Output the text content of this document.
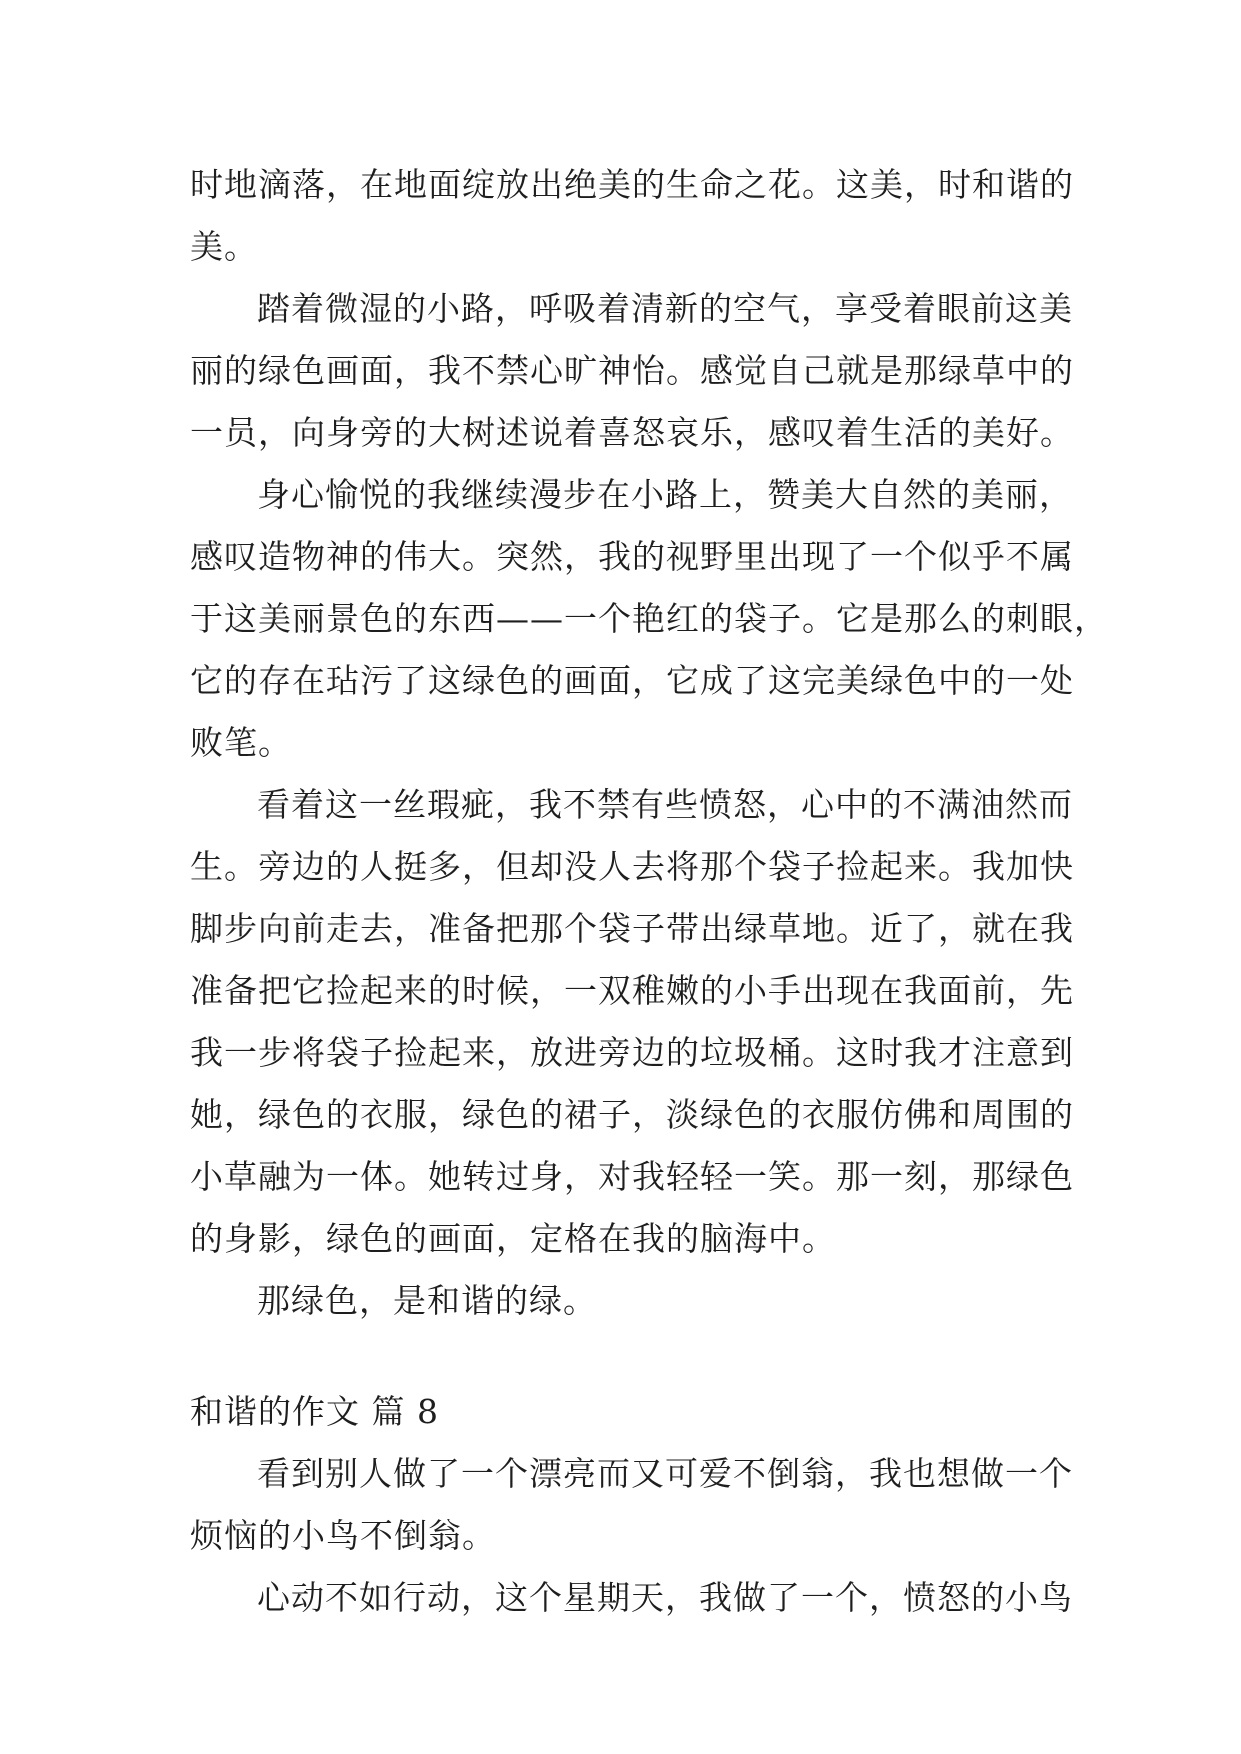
时地滴落，在地面绽放出绝美的生命之花。这美，时和谐的

美。

踏着微湿的小路，呼吸着清新的空气，享受着眼前这美

丽的绿色画面，我不禁心旷神怡。感觉自己就是那绿草中的

一员，向身旁的大树述说着喜怒哀乐，感叹着生活的美好。

身心愉悦的我继续漫步在小路上，赞美大自然的美丽，

感叹造物神的伟大。突然，我的视野里出现了一个似乎不属

于这美丽景色的东西——一个艳红的袋子。它是那么的刺眼，

它的存在玷污了这绿色的画面，它成了这完美绿色中的一处

败笔。

看着这一丝瑕疵，我不禁有些愤怒，心中的不满油然而

生。旁边的人挺多，但却没人去将那个袋子捡起来。我加快

脚步向前走去，准备把那个袋子带出绿草地。近了，就在我

准备把它捡起来的时候，一双稚嫩的小手出现在我面前，先

我一步将袋子捡起来，放进旁边的垃圾桶。这时我才注意到

她，绿色的衣服，绿色的裙子，淡绿色的衣服仿佛和周围的

小草融为一体。她转过身，对我轻轻一笑。那一刻，那绿色

的身影，绿色的画面，定格在我的脑海中。

那绿色，是和谐的绿。

和谐的作文 篇 8

看到别人做了一个漂亮而又可爱不倒翁，我也想做一个

烦恼的小鸟不倒翁。

心动不如行动，这个星期天，我做了一个，愤怒的小鸟
